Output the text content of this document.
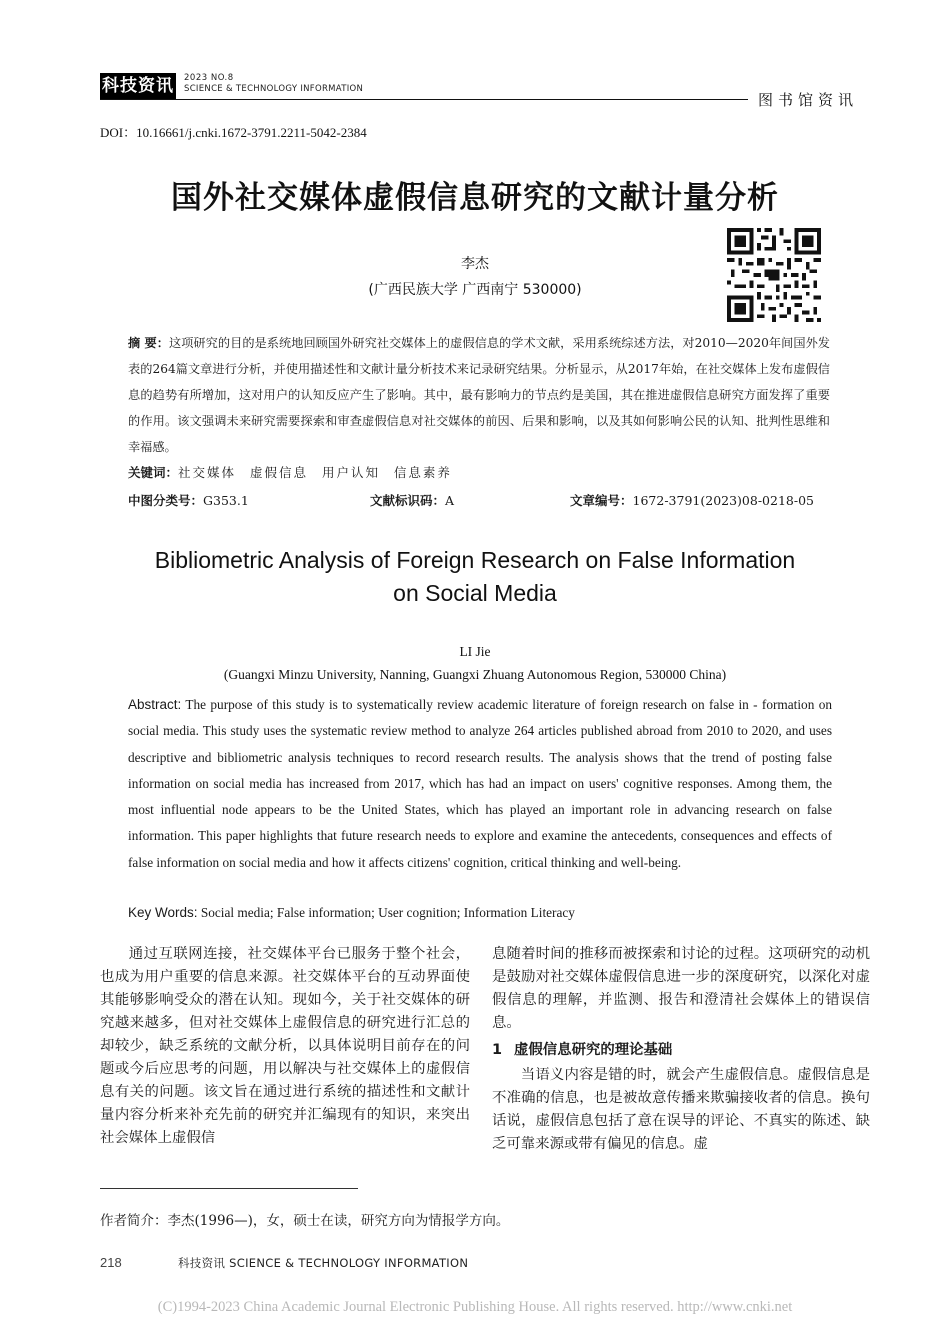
科技资讯 2023 NO.8
SCIENCE & TECHNOLOGY INFORMATION
图书馆资讯
DOI：10.16661/j.cnki.1672-3791.2211-5042-2384
国外社交媒体虚假信息研究的文献计量分析
李杰
(广西民族大学 广西南宁 530000)
摘 要：这项研究的目的是系统地回顾国外研究社交媒体上的虚假信息的学术文献，采用系统综述方法，对2010—2020年间国外发表的264篇文章进行分析，并使用描述性和文献计量分析技术来记录研究结果。分析显示，从2017年始，在社交媒体上发布虚假信息的趋势有所增加，这对用户的认知反应产生了影响。其中，最有影响力的节点约是美国，其在推进虚假信息研究方面发挥了重要的作用。该文强调未来研究需要探索和审查虚假信息对社交媒体的前因、后果和影响，以及其如何影响公民的认知、批判性思维和幸福感。
关键词：社交媒体 虚假信息 用户认知 信息素养
中图分类号：G353.1	文献标识码：A	文章编号：1672-3791(2023)08-0218-05
Bibliometric Analysis of Foreign Research on False Information
on Social Media
LI Jie
(Guangxi Minzu University, Nanning, Guangxi Zhuang Autonomous Region, 530000 China)
Abstract: The purpose of this study is to systematically review academic literature of foreign research on false in - formation on social media. This study uses the systematic review method to analyze 264 articles published abroad from 2010 to 2020, and uses descriptive and bibliometric analysis techniques to record research results. The analysis shows that the trend of posting false information on social media has increased from 2017, which has had an impact on users' cognitive responses. Among them, the most influential node appears to be the United States, which has played an important role in advancing research on false information. This paper highlights that future research needs to explore and examine the antecedents, consequences and effects of false information on social media and how it affects citizens' cognition, critical thinking and well-being.
Key Words: Social media; False information; User cognition; Information Literacy

通过互联网连接，社交媒体平台已服务于整个社会，也成为用户重要的信息来源。社交媒体平台的互动界面使其能够影响受众的潜在认知。现如今，关于社交媒体的研究越来越多，但对社交媒体上虚假信息的研究进行汇总的却较少，缺乏系统的文献分析，以具体说明目前存在的问题或今后应思考的问题，用以解决与社交媒体上的虚假信息有关的问题。该文旨在通过进行系统的描述性和文献计量内容分析来补充先前的研究并汇编现有的知识，来突出社会媒体上虚假信

息随着时间的推移而被探索和讨论的过程。这项研究的动机是鼓励对社交媒体虚假信息进一步的深度研究，以深化对虚假信息的理解，并监测、报告和澄清社会媒体上的错误信息。

1 虚假信息研究的理论基础

当语义内容是错的时，就会产生虚假信息。虚假信息是不准确的信息，也是被故意传播来欺骗接收者的信息。换句话说，虚假信息包括了意在误导的评论、不真实的陈述、缺乏可靠来源或带有偏见的信息。虚

作者简介：李杰(1996—)，女，硕士在读，研究方向为情报学方向。
218	科技资讯 SCIENCE & TECHNOLOGY INFORMATION
(C)1994-2023 China Academic Journal Electronic Publishing House. All rights reserved. http://www.cnki.net
